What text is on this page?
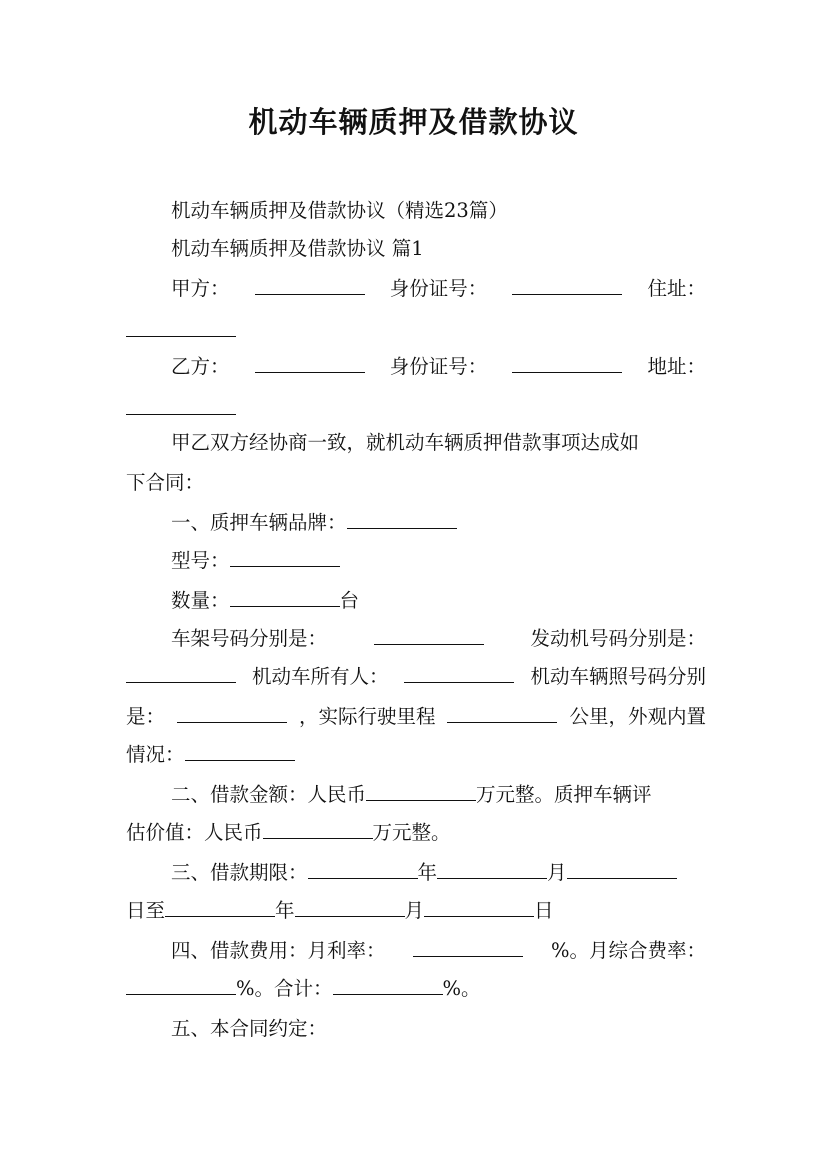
机动车辆质押及借款协议
机动车辆质押及借款协议（精选23篇）
机动车辆质押及借款协议 篇1
甲方：	身份证号：	住址：
乙方：	身份证号：	地址：
甲乙双方经协商一致，就机动车辆质押借款事项达成如
下合同：
一、质押车辆品牌：
型号：
数量：	台
车架号码分别是：	发动机号码分别是：
机动车所有人：	机动车辆照号码分别
是：	，实际行驶里程	公里，外观内置
情况：
二、借款金额：人民币	万元整。质押车辆评
估价值：人民币	万元整。
三、借款期限：	年	月
日至	年	月	日
四、借款费用：月利率：	%。月综合费率：
%。合计：	%。
五、本合同约定：
